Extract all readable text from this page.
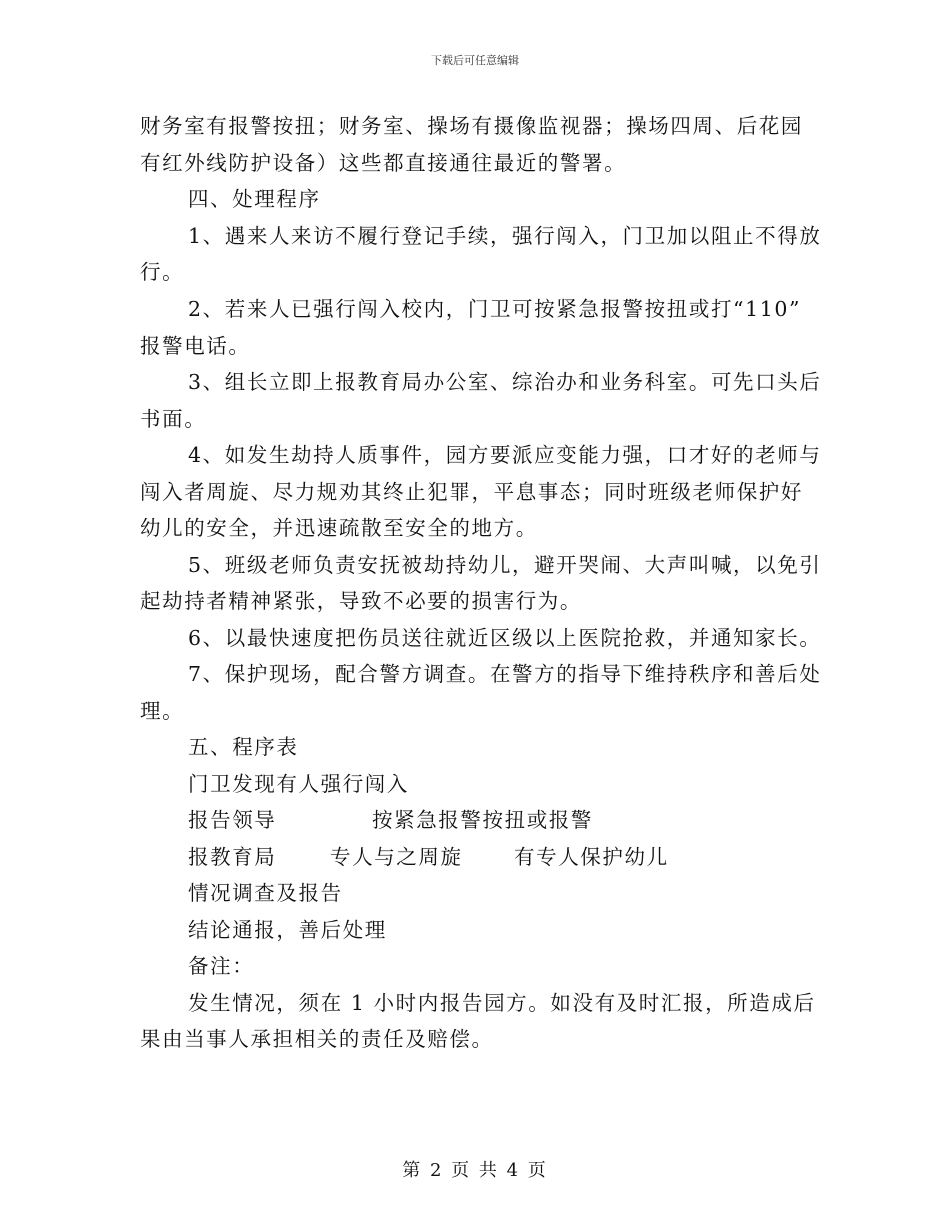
下载后可任意编辑
财务室有报警按扭；财务室、操场有摄像监视器；操场四周、后花园
有红外线防护设备）这些都直接通往最近的警署。
四、处理程序
1、遇来人来访不履行登记手续，强行闯入，门卫加以阻止不得放
行。
2、若来人已强行闯入校内，门卫可按紧急报警按扭或打“110”
报警电话。
3、组长立即上报教育局办公室、综治办和业务科室。可先口头后
书面。
4、如发生劫持人质事件，园方要派应变能力强，口才好的老师与
闯入者周旋、尽力规劝其终止犯罪，平息事态；同时班级老师保护好
幼儿的安全，并迅速疏散至安全的地方。
5、班级老师负责安抚被劫持幼儿，避开哭闹、大声叫喊，以免引
起劫持者精神紧张，导致不必要的损害行为。
6、以最快速度把伤员送往就近区级以上医院抢救，并通知家长。
7、保护现场，配合警方调查。在警方的指导下维持秩序和善后处
理。
五、程序表
门卫发现有人强行闯入
报告领导	按紧急报警按扭或报警
报教育局	专人与之周旋	有专人保护幼儿
情况调查及报告
结论通报，善后处理
备注：
发生情况，须在 1 小时内报告园方。如没有及时汇报，所造成后
果由当事人承担相关的责任及赔偿。
第 2 页 共 4 页
